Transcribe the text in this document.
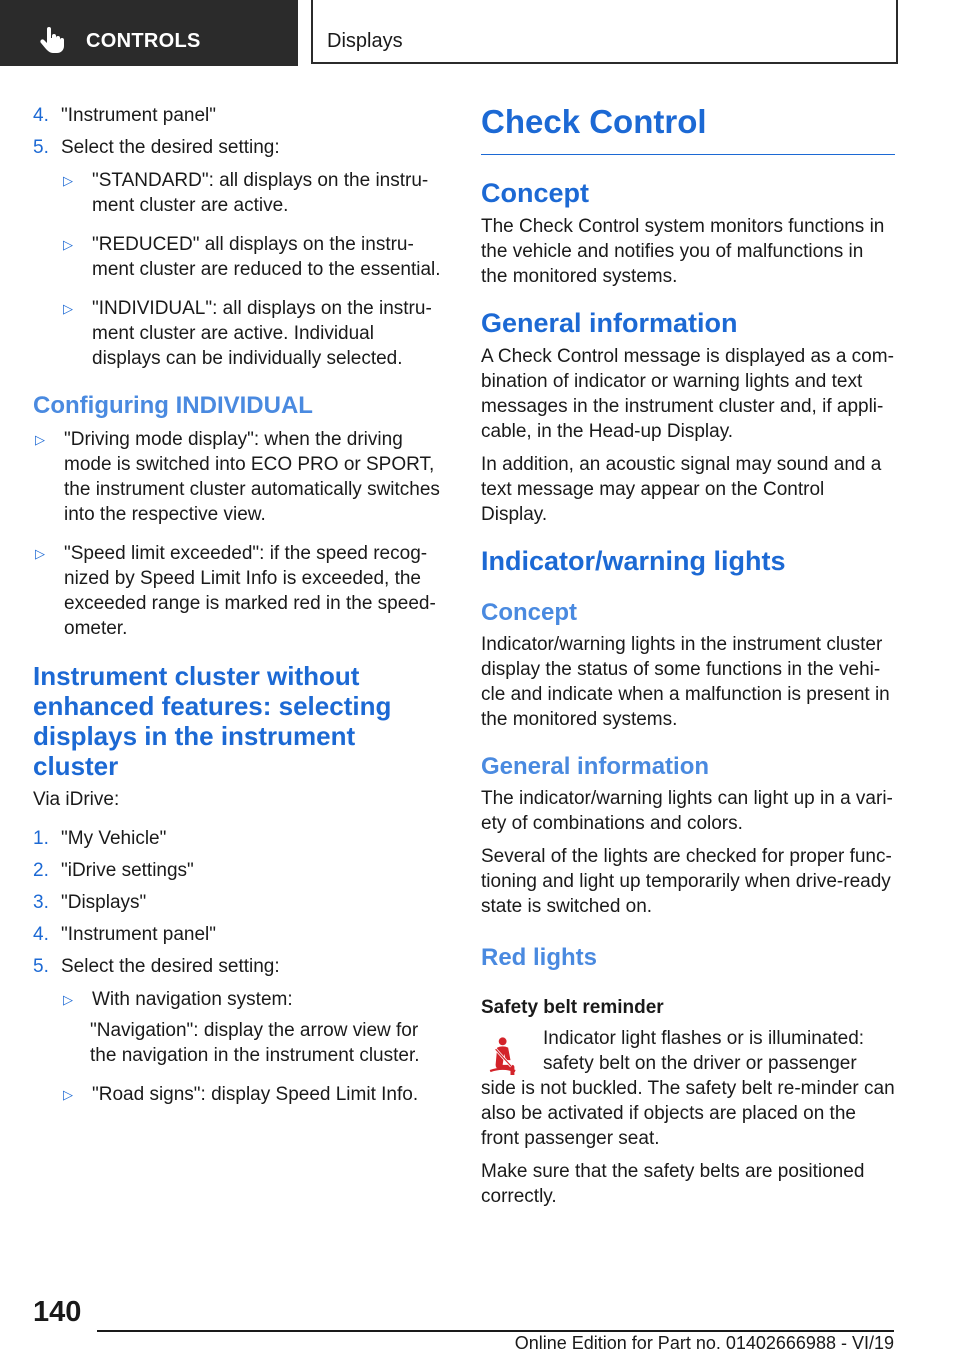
CONTROLS	Displays
4. "Instrument panel"
5. Select the desired setting:
▷	"STANDARD": all displays on the instru-ment cluster are active.
▷	"REDUCED" all displays on the instru-ment cluster are reduced to the essential.
▷	"INDIVIDUAL": all displays on the instru-ment cluster are active. Individual displays can be individually selected.
Configuring INDIVIDUAL
▷	"Driving mode display": when the driving mode is switched into ECO PRO or SPORT, the instrument cluster automatically switches into the respective view.
▷	"Speed limit exceeded": if the speed recog-nized by Speed Limit Info is exceeded, the exceeded range is marked red in the speed-ometer.
Instrument cluster without enhanced features: selecting displays in the instrument cluster

Via iDrive:

1. "My Vehicle"
2. "iDrive settings"
3. "Displays"
4. "Instrument panel"
5. Select the desired setting:
▷	With navigation system:

"Navigation": display the arrow view for the navigation in the instrument cluster.

▷	"Road signs": display Speed Limit Info.
Check Control
Concept

The Check Control system monitors functions in the vehicle and notifies you of malfunctions in the monitored systems.

General information

A Check Control message is displayed as a com-bination of indicator or warning lights and text messages in the instrument cluster and, if appli-cable, in the Head-up Display.

In addition, an acoustic signal may sound and a text message may appear on the Control Display.

Indicator/warning lights
Concept

Indicator/warning lights in the instrument cluster display the status of some functions in the vehi-cle and indicate when a malfunction is present in the monitored systems.

General information

The indicator/warning lights can light up in a vari-ety of combinations and colors.

Several of the lights are checked for proper func-tioning and light up temporarily when drive-ready state is switched on.

Red lights
Safety belt reminder

Indicator light flashes or is illuminated: safety belt on the driver or passenger side is not buckled. The safety belt re-minder can also be activated if objects are placed on the front passenger seat.

Make sure that the safety belts are positioned correctly.

140
Online Edition for Part no. 01402666988 - VI/19
